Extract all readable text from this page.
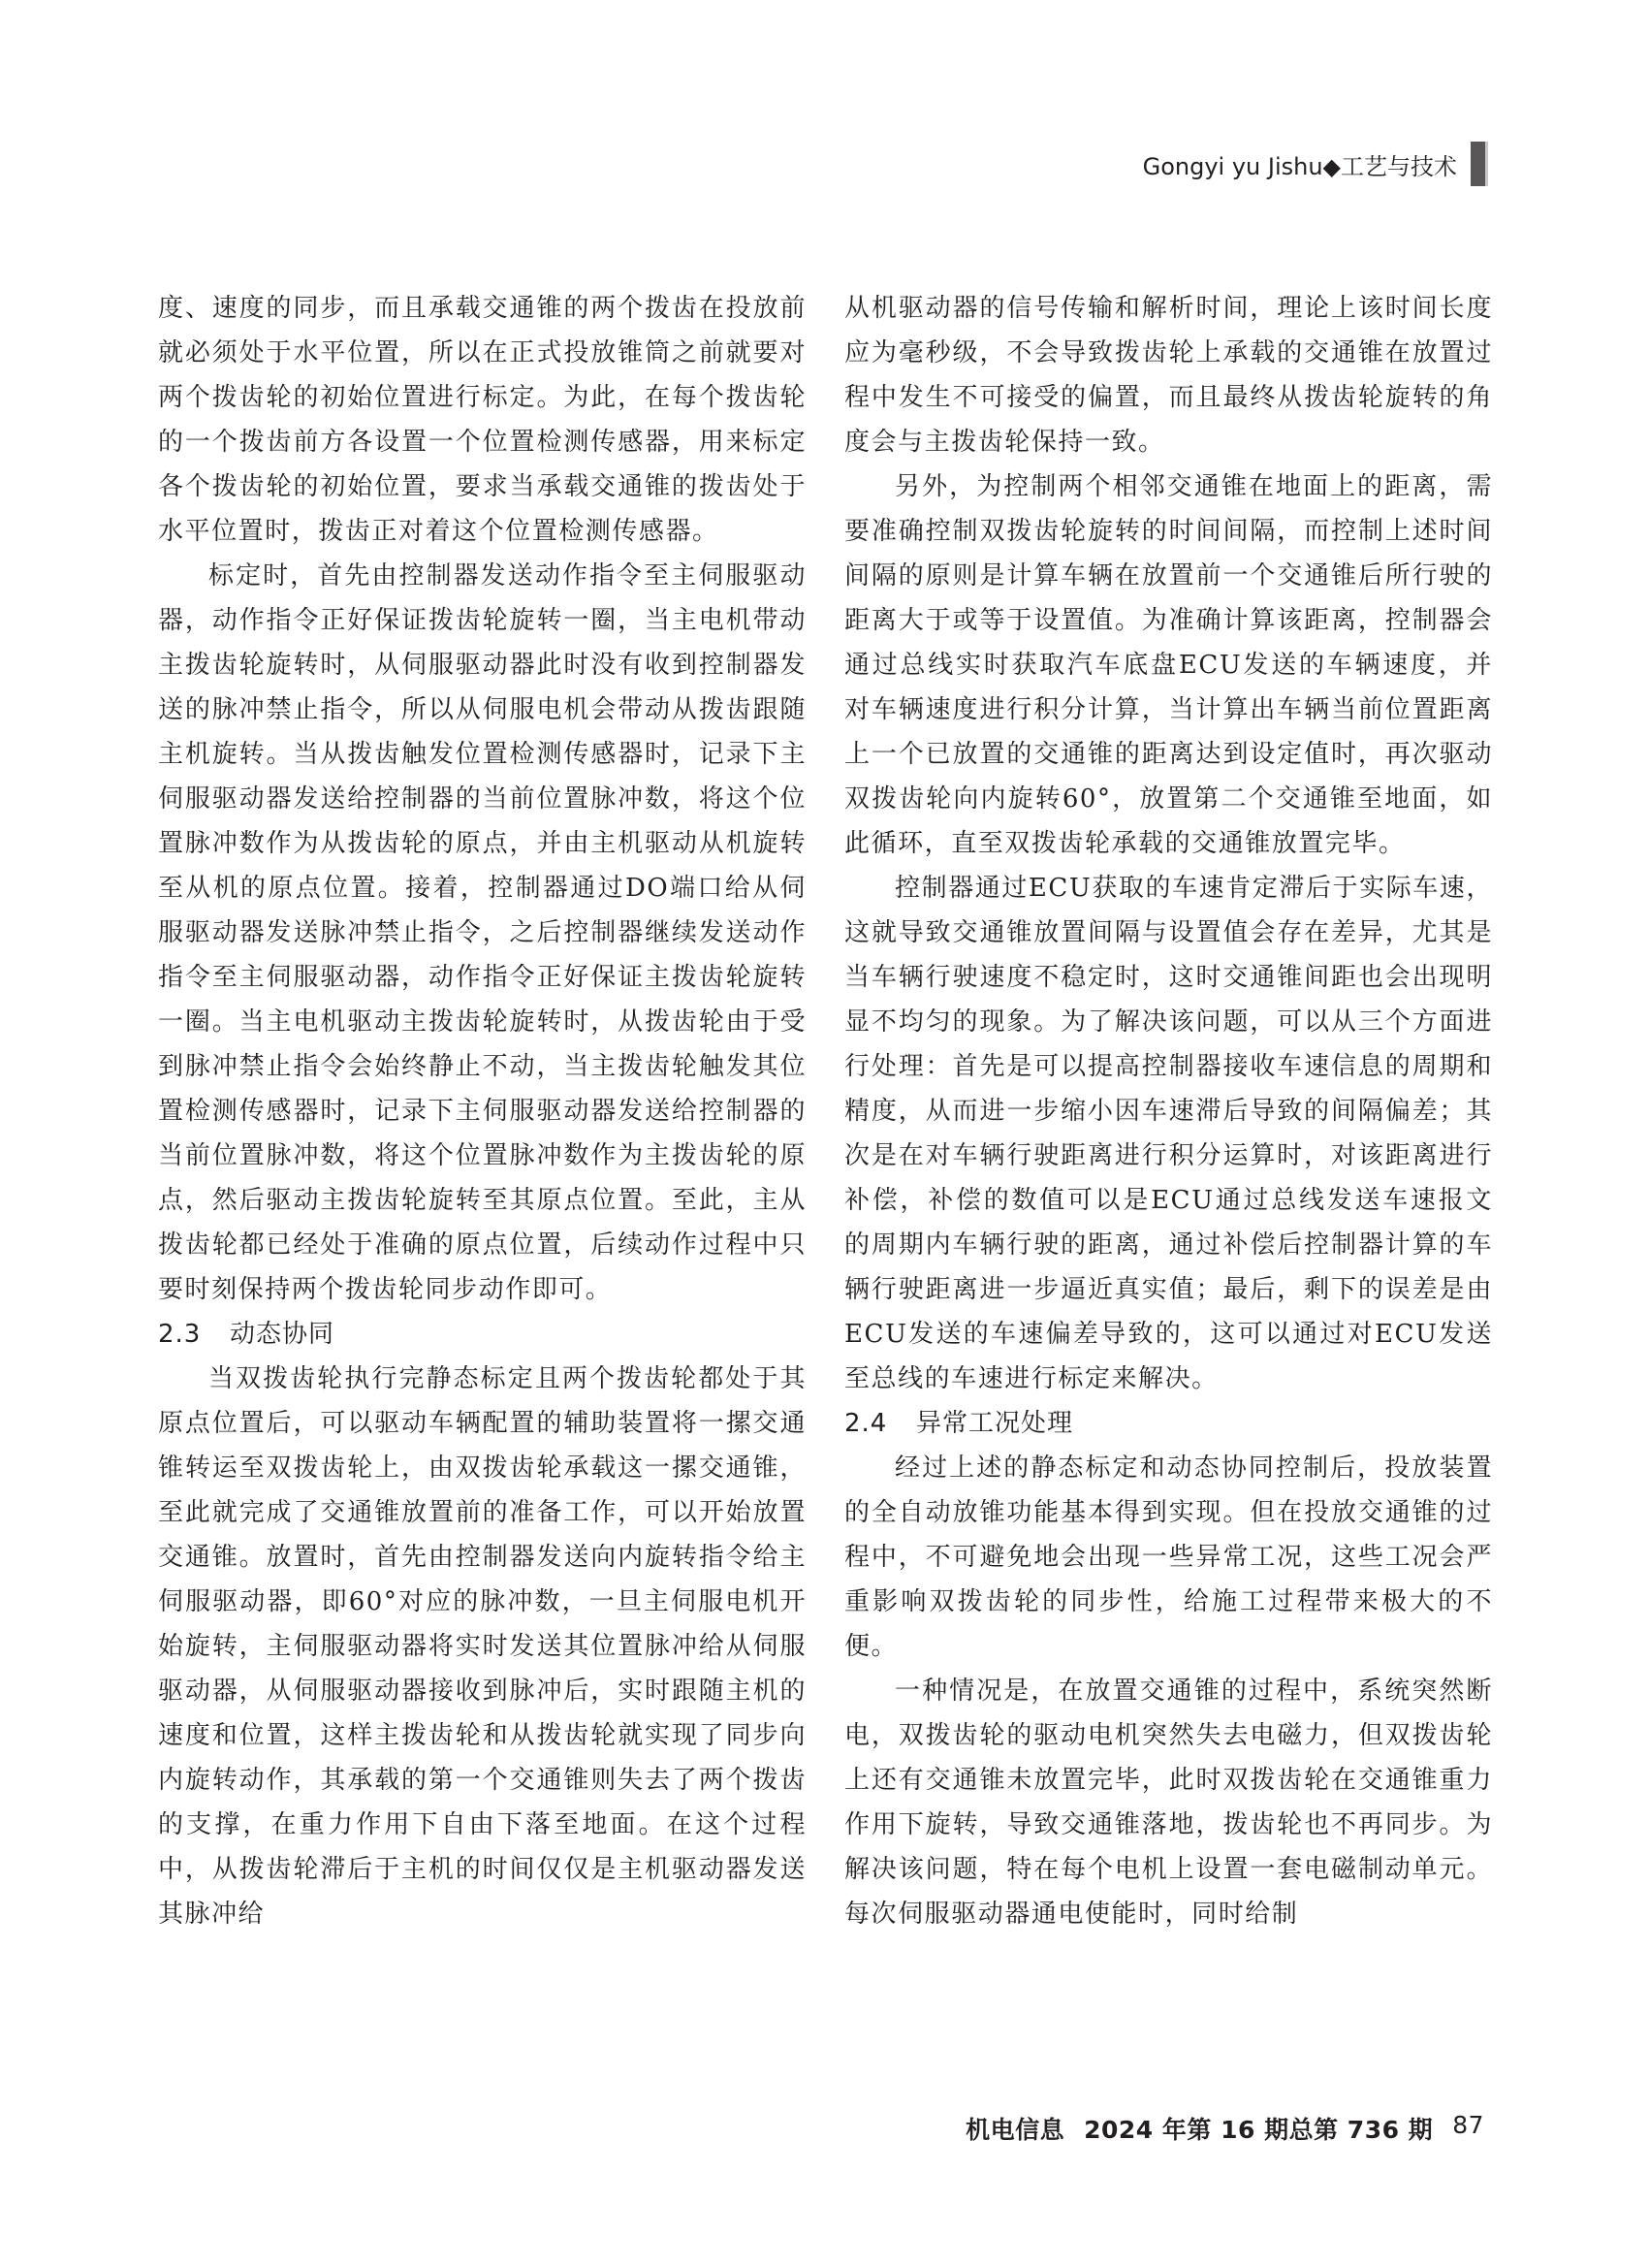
Gongyi yu Jishu◆工艺与技术

度、速度的同步，而且承载交通锥的两个拨齿在投放前就必须处于水平位置，所以在正式投放锥筒之前就要对两个拨齿轮的初始位置进行标定。为此，在每个拨齿轮的一个拨齿前方各设置一个位置检测传感器，用来标定各个拨齿轮的初始位置，要求当承载交通锥的拨齿处于水平位置时，拨齿正对着这个位置检测传感器。

标定时，首先由控制器发送动作指令至主伺服驱动器，动作指令正好保证拨齿轮旋转一圈，当主电机带动主拨齿轮旋转时，从伺服驱动器此时没有收到控制器发送的脉冲禁止指令，所以从伺服电机会带动从拨齿跟随主机旋转。当从拨齿触发位置检测传感器时，记录下主伺服驱动器发送给控制器的当前位置脉冲数，将这个位置脉冲数作为从拨齿轮的原点，并由主机驱动从机旋转至从机的原点位置。接着，控制器通过DO端口给从伺服驱动器发送脉冲禁止指令，之后控制器继续发送动作指令至主伺服驱动器，动作指令正好保证主拨齿轮旋转一圈。当主电机驱动主拨齿轮旋转时，从拨齿轮由于受到脉冲禁止指令会始终静止不动，当主拨齿轮触发其位置检测传感器时，记录下主伺服驱动器发送给控制器的当前位置脉冲数，将这个位置脉冲数作为主拨齿轮的原点，然后驱动主拨齿轮旋转至其原点位置。至此，主从拨齿轮都已经处于准确的原点位置，后续动作过程中只要时刻保持两个拨齿轮同步动作即可。

2.3 动态协同

当双拨齿轮执行完静态标定且两个拨齿轮都处于其原点位置后，可以驱动车辆配置的辅助装置将一摞交通锥转运至双拨齿轮上，由双拨齿轮承载这一摞交通锥，至此就完成了交通锥放置前的准备工作，可以开始放置交通锥。放置时，首先由控制器发送向内旋转指令给主伺服驱动器，即60°对应的脉冲数，一旦主伺服电机开始旋转，主伺服驱动器将实时发送其位置脉冲给从伺服驱动器，从伺服驱动器接收到脉冲后，实时跟随主机的速度和位置，这样主拨齿轮和从拨齿轮就实现了同步向内旋转动作，其承载的第一个交通锥则失去了两个拨齿的支撑，在重力作用下自由下落至地面。在这个过程中，从拨齿轮滞后于主机的时间仅仅是主机驱动器发送其脉冲给

从机驱动器的信号传输和解析时间，理论上该时间长度应为毫秒级，不会导致拨齿轮上承载的交通锥在放置过程中发生不可接受的偏置，而且最终从拨齿轮旋转的角度会与主拨齿轮保持一致。

另外，为控制两个相邻交通锥在地面上的距离，需要准确控制双拨齿轮旋转的时间间隔，而控制上述时间间隔的原则是计算车辆在放置前一个交通锥后所行驶的距离大于或等于设置值。为准确计算该距离，控制器会通过总线实时获取汽车底盘ECU发送的车辆速度，并对车辆速度进行积分计算，当计算出车辆当前位置距离上一个已放置的交通锥的距离达到设定值时，再次驱动双拨齿轮向内旋转60°，放置第二个交通锥至地面，如此循环，直至双拨齿轮承载的交通锥放置完毕。

控制器通过ECU获取的车速肯定滞后于实际车速，这就导致交通锥放置间隔与设置值会存在差异，尤其是当车辆行驶速度不稳定时，这时交通锥间距也会出现明显不均匀的现象。为了解决该问题，可以从三个方面进行处理：首先是可以提高控制器接收车速信息的周期和精度，从而进一步缩小因车速滞后导致的间隔偏差；其次是在对车辆行驶距离进行积分运算时，对该距离进行补偿，补偿的数值可以是ECU通过总线发送车速报文的周期内车辆行驶的距离，通过补偿后控制器计算的车辆行驶距离进一步逼近真实值；最后，剩下的误差是由ECU发送的车速偏差导致的，这可以通过对ECU发送至总线的车速进行标定来解决。

2.4 异常工况处理

经过上述的静态标定和动态协同控制后，投放装置的全自动放锥功能基本得到实现。但在投放交通锥的过程中，不可避免地会出现一些异常工况，这些工况会严重影响双拨齿轮的同步性，给施工过程带来极大的不便。

一种情况是，在放置交通锥的过程中，系统突然断电，双拨齿轮的驱动电机突然失去电磁力，但双拨齿轮上还有交通锥未放置完毕，此时双拨齿轮在交通锥重力作用下旋转，导致交通锥落地，拨齿轮也不再同步。为解决该问题，特在每个电机上设置一套电磁制动单元。每次伺服驱动器通电使能时，同时给制

机电信息 2024 年第 16 期总第 736 期 87
